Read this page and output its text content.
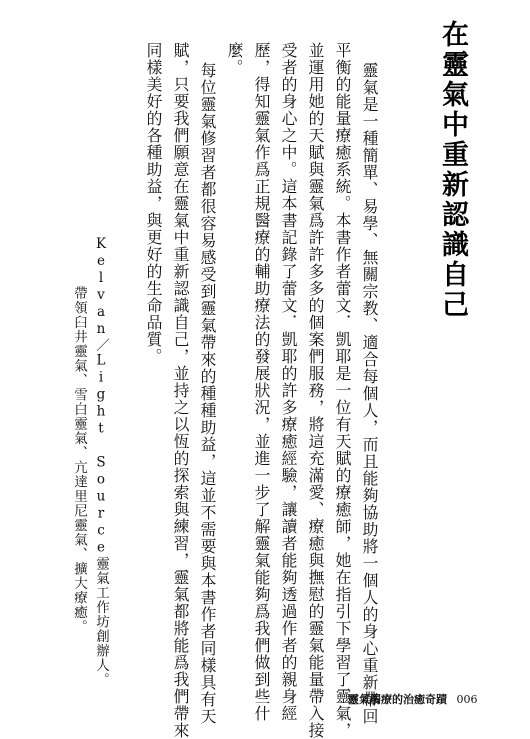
在靈氣中重新認識自己

靈氣是一種簡單、易學、無關宗教、適合每個人，而且能夠協助將一個人的身心重新帶回

平衡的能量療癒系統。本書作者蕾文．凱耶是一位有天賦的療癒師，她在指引下學習了靈氣，

並運用她的天賦與靈氣爲許許多多的個案們服務，將這充滿愛、療癒與撫慰的靈氣能量帶入接

受者的身心之中。這本書記錄了蕾文．凱耶的許多療癒經驗，讓讀者能夠透過作者的親身經

歷，得知靈氣作爲正規醫療的輔助療法的發展狀況，並進一步了解靈氣能夠爲我們做到些什

麼。

每位靈氣修習者都很容易感受到靈氣帶來的種種助益，這並不需要與本書作者同樣具有天

賦，只要我們願意在靈氣中重新認識自己，並持之以恆的探索與練習，靈氣都將能爲我們帶來

同樣美好的各種助益，與更好的生命品質。

Kelvan／Light Source靈氣工作坊創辦人。

帶領臼井靈氣、雪白靈氣、亢達里尼靈氣、擴大療癒。

靈氣觸療的治癒奇蹟 006
